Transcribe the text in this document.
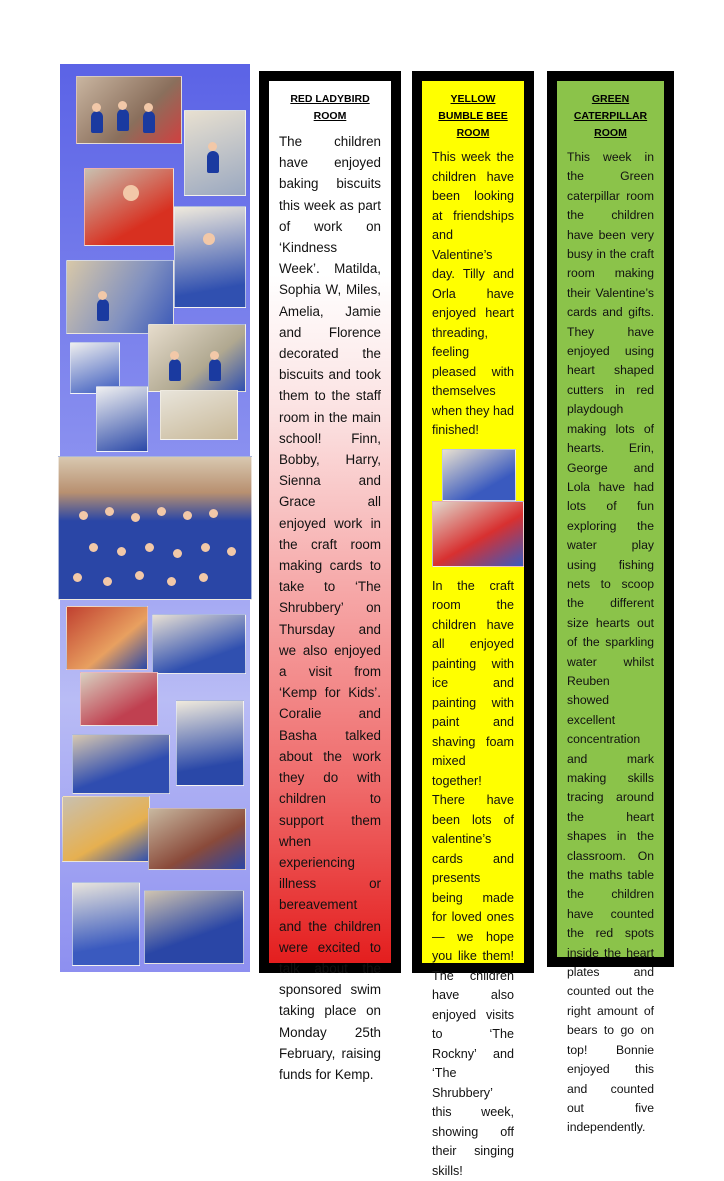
RED LADYBIRD ROOM

The children have enjoyed baking biscuits this week as part of work on ‘Kindness Week’. Matilda, Sophia W, Miles, Amelia, Jamie and Florence decorated the biscuits and took them to the staff room in the main school! Finn, Bobby, Harry, Sienna and Grace all enjoyed work in the craft room making cards to take to ‘The Shrubbery’ on Thursday and we also enjoyed a visit from ‘Kemp for Kids’. Coralie and Basha talked about the work they do with children to support them when experiencing illness or bereavement and the children were excited to talk about the sponsored swim taking place on Monday 25th February, raising funds for Kemp.

YELLOW BUMBLE BEE ROOM

This week the children have been looking at friendships and Valentine’s day. Tilly and Orla have enjoyed heart threading, feeling pleased with themselves when they had finished!

In the craft room the children have all enjoyed painting with ice and painting with paint and shaving foam mixed together! There have been lots of valentine’s cards and presents being made for loved ones — we hope you like them! The children have also enjoyed visits to ‘The Rockny’ and ‘The Shrubbery’ this week, showing off their singing skills!

GREEN CATERPILLAR ROOM

This week in the Green caterpillar room the children have been very busy in the craft room making their Valentine’s cards and gifts. They have enjoyed using heart shaped cutters in red playdough making lots of hearts. Erin, George and Lola have had lots of fun exploring the water play using fishing nets to scoop the different size hearts out of the sparkling water whilst Reuben showed excellent concentration and mark making skills tracing around the heart shapes in the classroom. On the maths table the children have counted the red spots inside the heart plates and counted out the right amount of bears to go on top! Bonnie enjoyed this and counted out five independently.
